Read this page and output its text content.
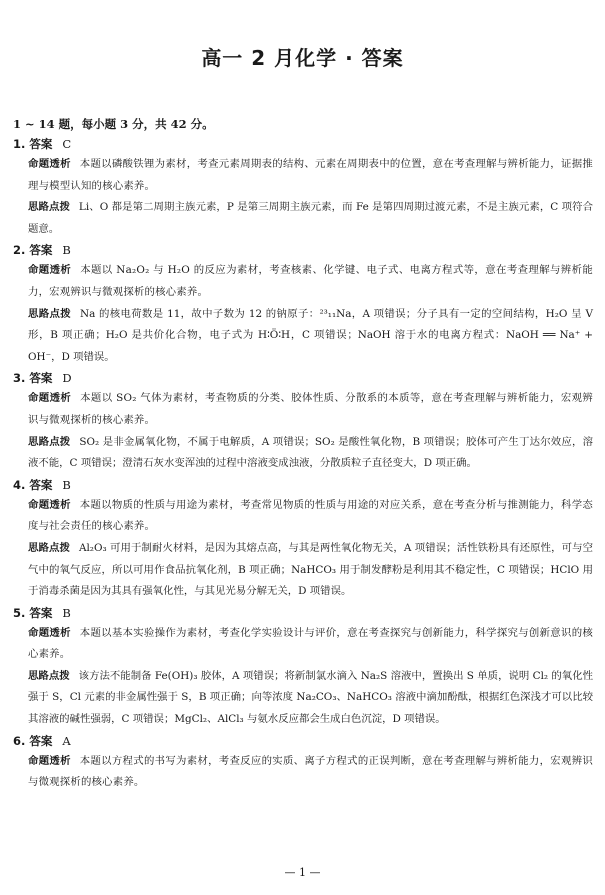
高一 2 月化学 · 答案

1 ~ 14 题，每小题 3 分，共 42 分。

1. 答案 C

命题透析 本题以磷酸铁锂为素材，考查元素周期表的结构、元素在周期表中的位置，意在考查理解与辨析能力，证据推理与模型认知的核心素养。

思路点拨 Li、O 都是第二周期主族元素，P 是第三周期主族元素，而 Fe 是第四周期过渡元素，不是主族元素，C 项符合题意。

2. 答案 B

命题透析 本题以 Na₂O₂ 与 H₂O 的反应为素材，考查核素、化学键、电子式、电离方程式等，意在考查理解与辨析能力，宏观辨识与微观探析的核心素养。

思路点拨 Na 的核电荷数是 11，故中子数为 12 的钠原子：²³₁₁Na，A 项错误；分子具有一定的空间结构，H₂O 呈 V 形，B 项正确；H₂O 是共价化合物，电子式为 H∶Ö∶H，C 项错误；NaOH 溶于水的电离方程式：NaOH ══ Na⁺ + OH⁻，D 项错误。

3. 答案 D

命题透析 本题以 SO₂ 气体为素材，考查物质的分类、胶体性质、分散系的本质等，意在考查理解与辨析能力，宏观辨识与微观探析的核心素养。

思路点拨 SO₂ 是非金属氧化物，不属于电解质，A 项错误；SO₂ 是酸性氧化物，B 项错误；胶体可产生丁达尔效应，溶液不能，C 项错误；澄清石灰水变浑浊的过程中溶液变成浊液，分散质粒子直径变大，D 项正确。

4. 答案 B

命题透析 本题以物质的性质与用途为素材，考查常见物质的性质与用途的对应关系，意在考查分析与推测能力，科学态度与社会责任的核心素养。

思路点拨 Al₂O₃ 可用于制耐火材料，是因为其熔点高，与其是两性氧化物无关，A 项错误；活性铁粉具有还原性，可与空气中的氧气反应，所以可用作食品抗氧化剂，B 项正确；NaHCO₃ 用于制发酵粉是利用其不稳定性，C 项错误；HClO 用于消毒杀菌是因为其具有强氧化性，与其见光易分解无关，D 项错误。

5. 答案 B

命题透析 本题以基本实验操作为素材，考查化学实验设计与评价，意在考查探究与创新能力，科学探究与创新意识的核心素养。

思路点拨 该方法不能制备 Fe(OH)₃ 胶体，A 项错误；将新制氯水滴入 Na₂S 溶液中，置换出 S 单质，说明 Cl₂ 的氧化性强于 S，Cl 元素的非金属性强于 S，B 项正确；向等浓度 Na₂CO₃、NaHCO₃ 溶液中滴加酚酞，根据红色深浅才可以比较其溶液的碱性强弱，C 项错误；MgCl₂、AlCl₃ 与氨水反应都会生成白色沉淀，D 项错误。

6. 答案 A

命题透析 本题以方程式的书写为素材，考查反应的实质、离子方程式的正误判断，意在考查理解与辨析能力，宏观辨识与微观探析的核心素养。

— 1 —
